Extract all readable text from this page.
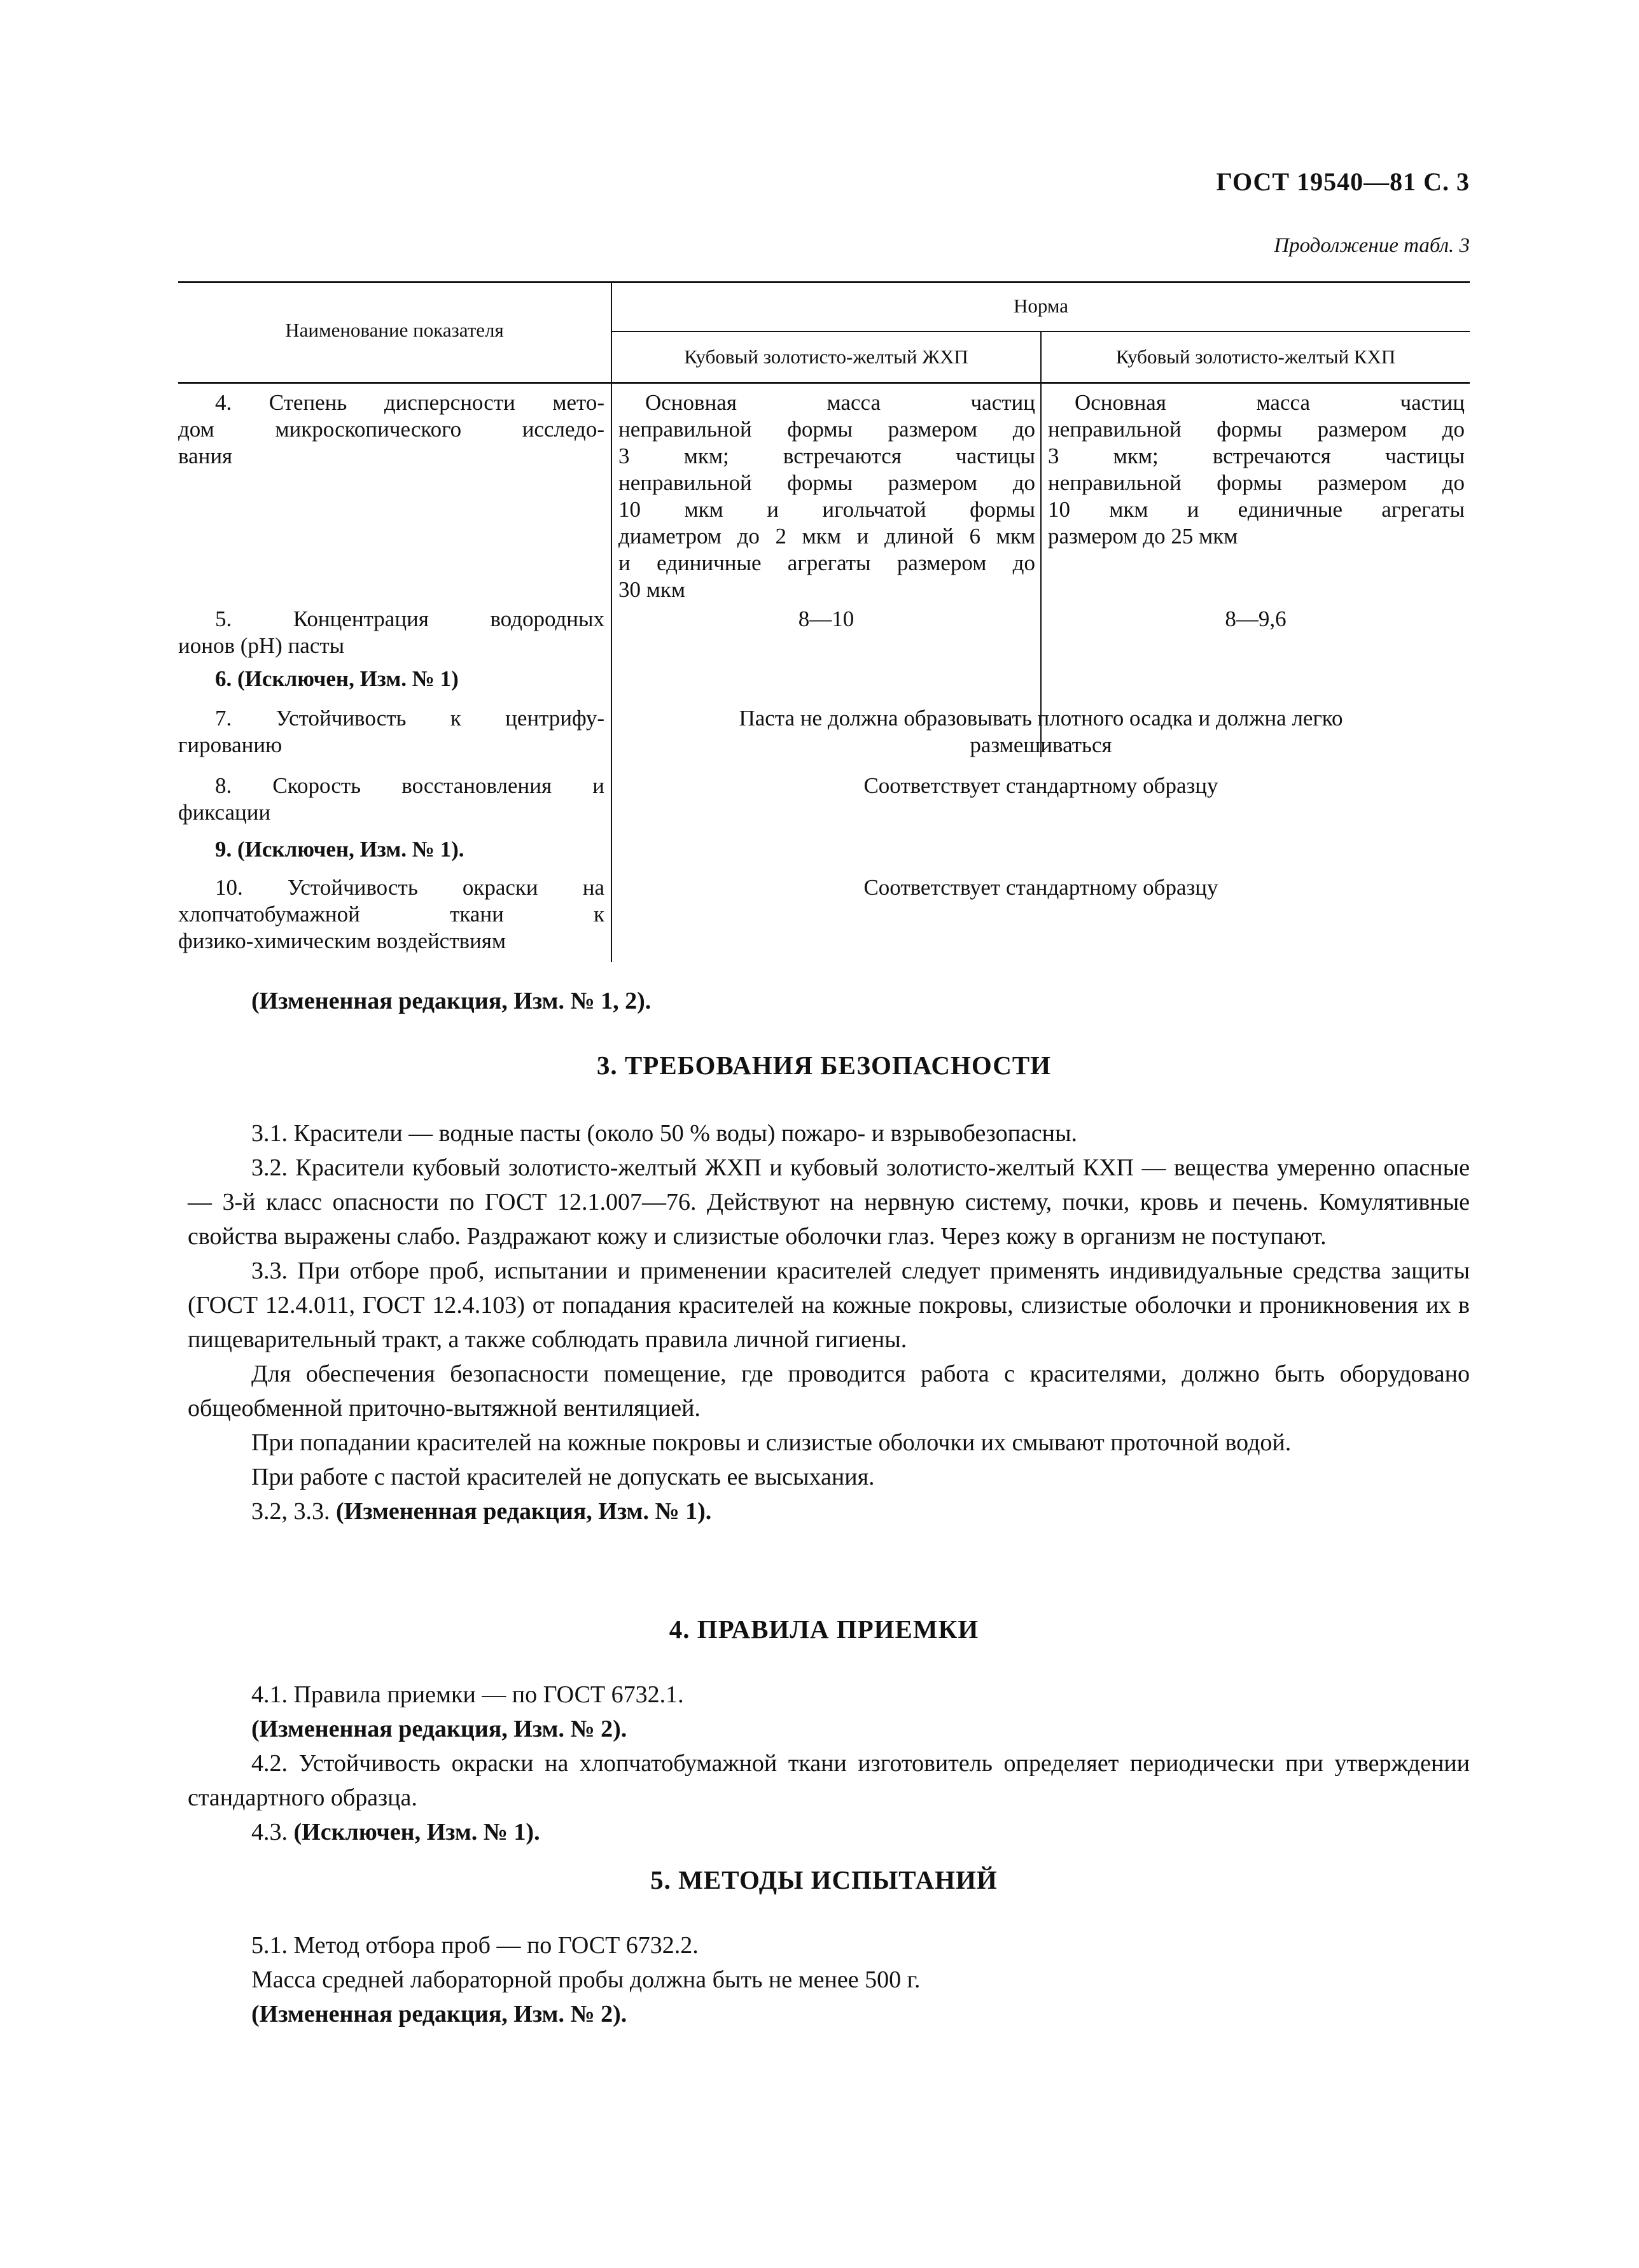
ГОСТ 19540—81 С. 3
Продолжение табл. 3
Наименование показателя
Норма
Кубовый золотисто-желтый ЖХП	Кубовый золотисто-желтый КХП
4. Степень дисперсности мето-
дом микроскопического исследо-
вания
Основная масса частиц
неправильной формы размером до
3 мкм; встречаются частицы
неправильной формы размером до
10 мкм и игольчатой формы
диаметром до 2 мкм и длиной 6 мкм
и единичные агрегаты размером до
30 мкм
Основная масса частиц
неправильной формы размером до
3 мкм; встречаются частицы
неправильной формы размером до
10 мкм и единичные агрегаты
размером до 25 мкм
5. Концентрация водородных
ионов (рН) пасты
8—10	8—9,6
6. (Исключен, Изм. № 1)
7. Устойчивость к центрифу-
гированию
Паста не должна образовывать плотного осадка и должна легко
размешиваться
8. Скорость восстановления и
фиксации
Соответствует стандартному образцу
9. (Исключен, Изм. № 1).
10. Устойчивость окраски на
хлопчатобумажной ткани к
физико-химическим воздействиям
Соответствует стандартному образцу
(Измененная редакция, Изм. № 1, 2).
3. ТРЕБОВАНИЯ БЕЗОПАСНОСТИ

3.1. Красители — водные пасты (около 50 % воды) пожаро- и взрывобезопасны.

3.2. Красители кубовый золотисто-желтый ЖХП и кубовый золотисто-желтый КХП — вещества умеренно опасные — 3-й класс опасности по ГОСТ 12.1.007—76. Действуют на нервную систему, почки, кровь и печень. Комулятивные свойства выражены слабо. Раздражают кожу и слизистые оболочки глаз. Через кожу в организм не поступают.

3.3. При отборе проб, испытании и применении красителей следует применять индивидуальные средства защиты (ГОСТ 12.4.011, ГОСТ 12.4.103) от попадания красителей на кожные покровы, слизистые оболочки и проникновения их в пищеварительный тракт, а также соблюдать правила личной гигиены.

Для обеспечения безопасности помещение, где проводится работа с красителями, должно быть оборудовано общеобменной приточно-вытяжной вентиляцией.

При попадании красителей на кожные покровы и слизистые оболочки их смывают проточной водой.

При работе с пастой красителей не допускать ее высыхания.

3.2, 3.3. (Измененная редакция, Изм. № 1).

4. ПРАВИЛА ПРИЕМКИ

4.1. Правила приемки — по ГОСТ 6732.1.

(Измененная редакция, Изм. № 2).

4.2. Устойчивость окраски на хлопчатобумажной ткани изготовитель определяет периодически при утверждении стандартного образца.

4.3. (Исключен, Изм. № 1).

5. МЕТОДЫ ИСПЫТАНИЙ

5.1. Метод отбора проб — по ГОСТ 6732.2.

Масса средней лабораторной пробы должна быть не менее 500 г.

(Измененная редакция, Изм. № 2).
